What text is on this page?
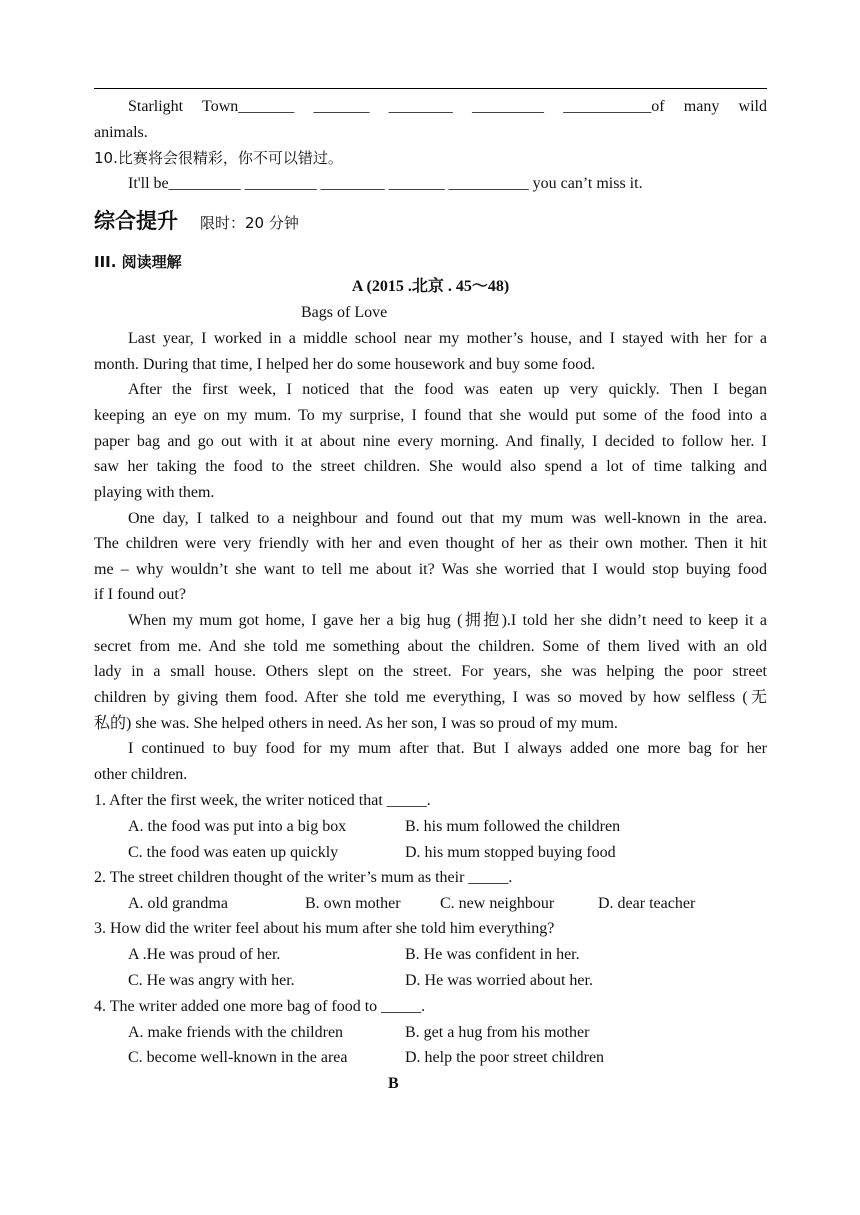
Starlight Town_______ _______ ________ _________ ___________of many wild
animals.
10.比赛将会很精彩，你不可以错过。
It'll be_________ _________ ________ _______ __________ you can’t miss it.
综合提升 限时：20 分钟
III. 阅读理解
A (2015 .北京 . 45～48)
Bags of Love
Last year, I worked in a middle school near my mother’s house, and I stayed with her for a
month. During that time, I helped her do some housework and buy some food.
After the first week, I noticed that the food was eaten up very quickly. Then I began
keeping an eye on my mum. To my surprise, I found that she would put some of the food into a
paper bag and go out with it at about nine every morning. And finally, I decided to follow her. I
saw her taking the food to the street children. She would also spend a lot of time talking and
playing with them.
One day, I talked to a neighbour and found out that my mum was well-known in the area.
The children were very friendly with her and even thought of her as their own mother. Then it hit
me – why wouldn’t she want to tell me about it? Was she worried that I would stop buying food
if I found out?
When my mum got home, I gave her a big hug (拥抱).I told her she didn’t need to keep it a
secret from me. And she told me something about the children. Some of them lived with an old
lady in a small house. Others slept on the street. For years, she was helping the poor street
children by giving them food. After she told me everything, I was so moved by how selfless (无
私的) she was. She helped others in need. As her son, I was so proud of my mum.
I continued to buy food for my mum after that. But I always added one more bag for her
other children.
1. After the first week, the writer noticed that _____.
A. the food was put into a big box	B. his mum followed the children
C. the food was eaten up quickly	D. his mum stopped buying food
2. The street children thought of the writer’s mum as their _____.
A. old grandma	B. own mother C. new neighbour	D. dear teacher
3. How did the writer feel about his mum after she told him everything?
A .He was proud of her.	B. He was confident in her.
C. He was angry with her.	D. He was worried about her.
4. The writer added one more bag of food to _____.
A. make friends with the children	B. get a hug from his mother
C. become well-known in the area	D. help the poor street children
B
